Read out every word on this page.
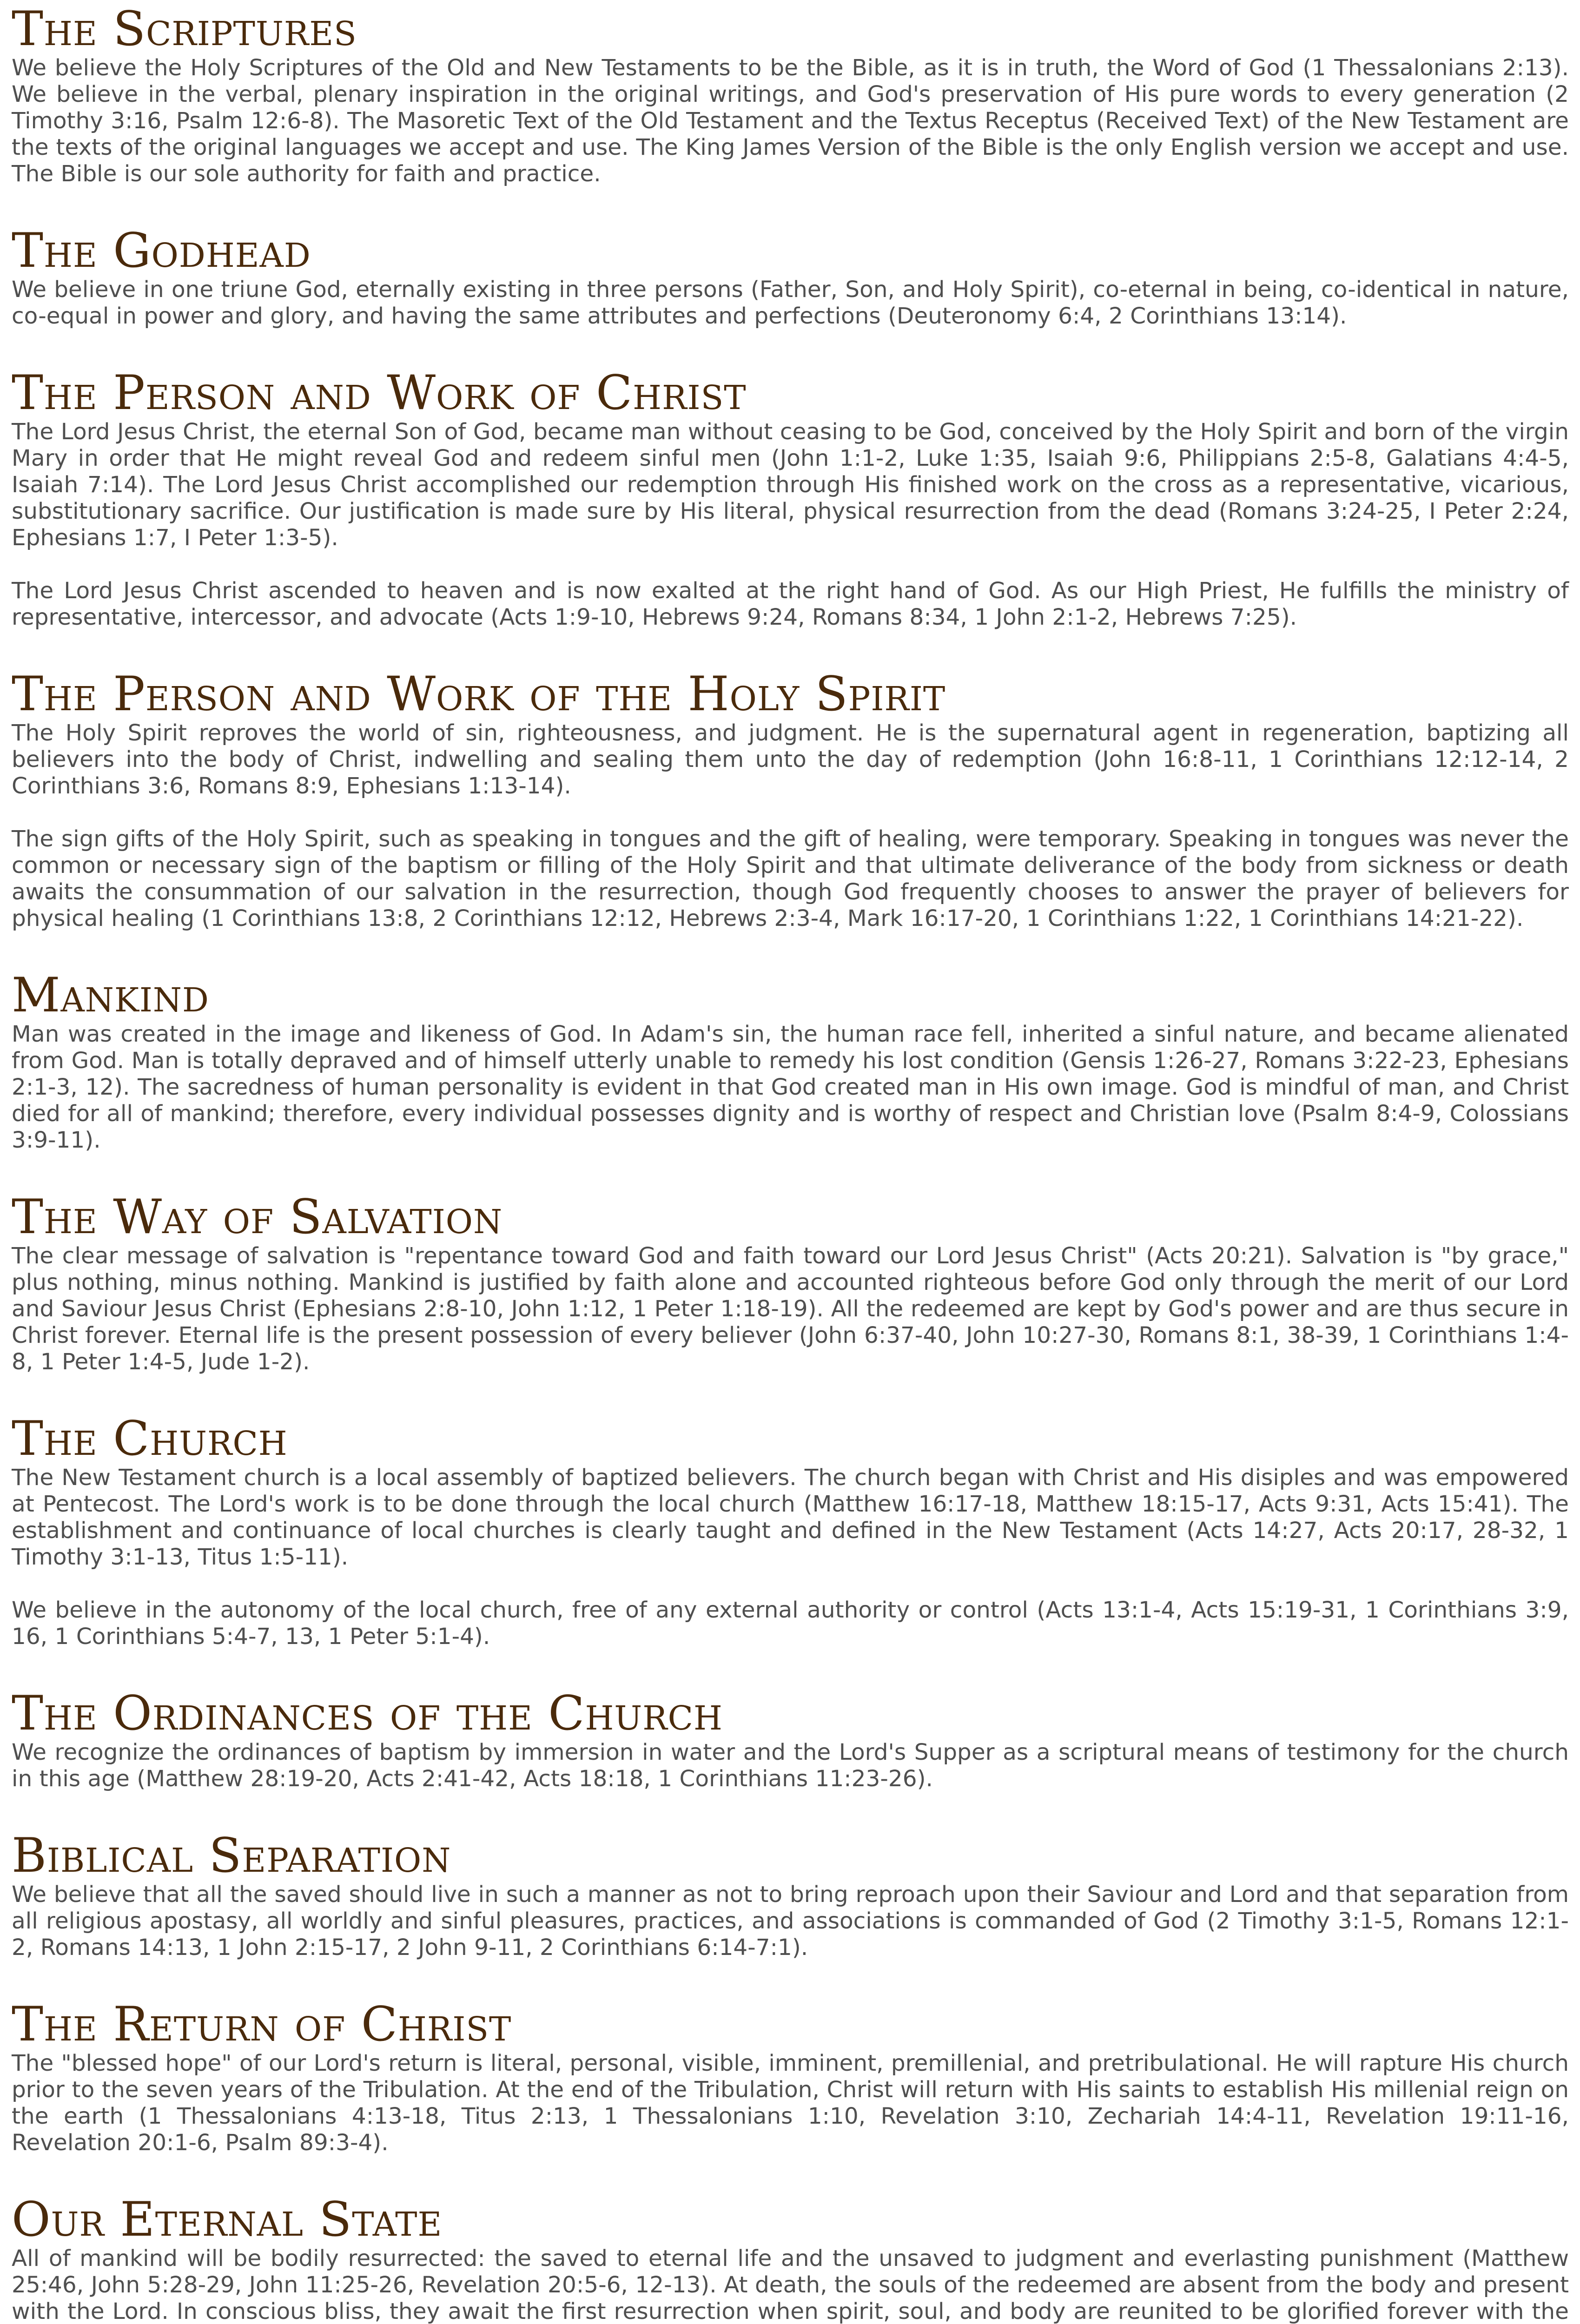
The Scriptures

We believe the Holy Scriptures of the Old and New Testaments to be the Bible, as it is in truth, the Word of God (1 Thessalonians 2:13). We believe in the verbal, plenary inspiration in the original writings, and God's preservation of His pure words to every generation (2 Timothy 3:16, Psalm 12:6-8). The Masoretic Text of the Old Testament and the Textus Receptus (Received Text) of the New Testament are the texts of the original languages we accept and use. The King James Version of the Bible is the only English version we accept and use. The Bible is our sole authority for faith and practice.

The Godhead

We believe in one triune God, eternally existing in three persons (Father, Son, and Holy Spirit), co-eternal in being, co-identical in nature, co-equal in power and glory, and having the same attributes and perfections (Deuteronomy 6:4, 2 Corinthians 13:14).

The Person and Work of Christ

The Lord Jesus Christ, the eternal Son of God, became man without ceasing to be God, conceived by the Holy Spirit and born of the virgin Mary in order that He might reveal God and redeem sinful men (John 1:1-2, Luke 1:35, Isaiah 9:6, Philippians 2:5-8, Galatians 4:4-5, Isaiah 7:14). The Lord Jesus Christ accomplished our redemption through His finished work on the cross as a representative, vicarious, substitutionary sacrifice. Our justification is made sure by His literal, physical resurrection from the dead (Romans 3:24-25, I Peter 2:24, Ephesians 1:7, I Peter 1:3-5).

The Lord Jesus Christ ascended to heaven and is now exalted at the right hand of God. As our High Priest, He fulfills the ministry of representative, intercessor, and advocate (Acts 1:9-10, Hebrews 9:24, Romans 8:34, 1 John 2:1-2, Hebrews 7:25).

The Person and Work of the Holy Spirit

The Holy Spirit reproves the world of sin, righteousness, and judgment. He is the supernatural agent in regeneration, baptizing all believers into the body of Christ, indwelling and sealing them unto the day of redemption (John 16:8-11, 1 Corinthians 12:12-14, 2 Corinthians 3:6, Romans 8:9, Ephesians 1:13-14).

The sign gifts of the Holy Spirit, such as speaking in tongues and the gift of healing, were temporary. Speaking in tongues was never the common or necessary sign of the baptism or filling of the Holy Spirit and that ultimate deliverance of the body from sickness or death awaits the consummation of our salvation in the resurrection, though God frequently chooses to answer the prayer of believers for physical healing (1 Corinthians 13:8, 2 Corinthians 12:12, Hebrews 2:3-4, Mark 16:17-20, 1 Corinthians 1:22, 1 Corinthians 14:21-22).

Mankind

Man was created in the image and likeness of God. In Adam's sin, the human race fell, inherited a sinful nature, and became alienated from God. Man is totally depraved and of himself utterly unable to remedy his lost condition (Gensis 1:26-27, Romans 3:22-23, Ephesians 2:1-3, 12). The sacredness of human personality is evident in that God created man in His own image. God is mindful of man, and Christ died for all of mankind; therefore, every individual possesses dignity and is worthy of respect and Christian love (Psalm 8:4-9, Colossians 3:9-11).

The Way of Salvation

The clear message of salvation is "repentance toward God and faith toward our Lord Jesus Christ" (Acts 20:21). Salvation is "by grace," plus nothing, minus nothing. Mankind is justified by faith alone and accounted righteous before God only through the merit of our Lord and Saviour Jesus Christ (Ephesians 2:8-10, John 1:12, 1 Peter 1:18-19). All the redeemed are kept by God's power and are thus secure in Christ forever. Eternal life is the present possession of every believer (John 6:37-40, John 10:27-30, Romans 8:1, 38-39, 1 Corinthians 1:4-8, 1 Peter 1:4-5, Jude 1-2).

The Church

The New Testament church is a local assembly of baptized believers. The church began with Christ and His disiples and was empowered at Pentecost. The Lord's work is to be done through the local church (Matthew 16:17-18, Matthew 18:15-17, Acts 9:31, Acts 15:41). The establishment and continuance of local churches is clearly taught and defined in the New Testament (Acts 14:27, Acts 20:17, 28-32, 1 Timothy 3:1-13, Titus 1:5-11).

We believe in the autonomy of the local church, free of any external authority or control (Acts 13:1-4, Acts 15:19-31, 1 Corinthians 3:9, 16, 1 Corinthians 5:4-7, 13, 1 Peter 5:1-4).

The Ordinances of the Church

We recognize the ordinances of baptism by immersion in water and the Lord's Supper as a scriptural means of testimony for the church in this age (Matthew 28:19-20, Acts 2:41-42, Acts 18:18, 1 Corinthians 11:23-26).

Biblical Separation

We believe that all the saved should live in such a manner as not to bring reproach upon their Saviour and Lord and that separation from all religious apostasy, all worldly and sinful pleasures, practices, and associations is commanded of God (2 Timothy 3:1-5, Romans 12:1-2, Romans 14:13, 1 John 2:15-17, 2 John 9-11, 2 Corinthians 6:14-7:1).

The Return of Christ

The "blessed hope" of our Lord's return is literal, personal, visible, imminent, premillenial, and pretribulational. He will rapture His church prior to the seven years of the Tribulation. At the end of the Tribulation, Christ will return with His saints to establish His millenial reign on the earth (1 Thessalonians 4:13-18, Titus 2:13, 1 Thessalonians 1:10, Revelation 3:10, Zechariah 14:4-11, Revelation 19:11-16, Revelation 20:1-6, Psalm 89:3-4).

Our Eternal State

All of mankind will be bodily resurrected: the saved to eternal life and the unsaved to judgment and everlasting punishment (Matthew 25:46, John 5:28-29, John 11:25-26, Revelation 20:5-6, 12-13). At death, the souls of the redeemed are absent from the body and present with the Lord. In conscious bliss, they await the first resurrection when spirit, soul, and body are reunited to be glorified forever with the
